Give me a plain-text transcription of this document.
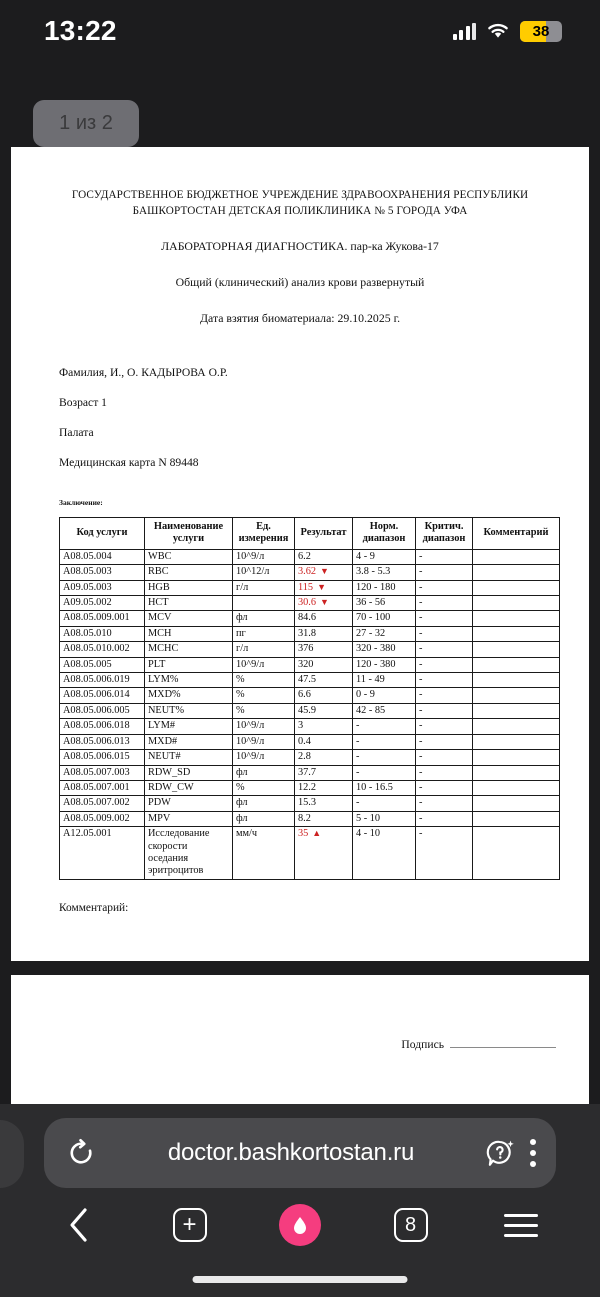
13:22	38
1 из 2
ГОСУДАРСТВЕННОЕ БЮДЖЕТНОЕ УЧРЕЖДЕНИЕ ЗДРАВООХРАНЕНИЯ РЕСПУБЛИКИ
БАШКОРТОСТАН ДЕТСКАЯ ПОЛИКЛИНИКА № 5 ГОРОДА УФА
ЛАБОРАТОРНАЯ ДИАГНОСТИКА. пар-ка Жукова-17
Общий (клинический) анализ крови развернутый
Дата взятия биоматериала: 29.10.2025 г.
Фамилия, И., О. КАДЫРОВА О.Р.
Возраст 1
Палата
Медицинская карта N 89448
Заключение:
Код услуги	Наименование услуги	Ед. измерения	Результат	Норм. диапазон	Критич. диапазон	Комментарий
A08.05.004	WBC	10^9/л	6.2	4 - 9	-	
A08.05.003	RBC	10^12/л	3.62 ▼	3.8 - 5.3	-	
A09.05.003	HGB	г/л	115 ▼	120 - 180	-	
A09.05.002	HCT		30.6 ▼	36 - 56	-	
A08.05.009.001	MCV	фл	84.6	70 - 100	-	
A08.05.010	MCH	пг	31.8	27 - 32	-	
A08.05.010.002	MCHC	г/л	376	320 - 380	-	
A08.05.005	PLT	10^9/л	320	120 - 380	-	
A08.05.006.019	LYM%	%	47.5	11 - 49	-	
A08.05.006.014	MXD%	%	6.6	0 - 9	-	
A08.05.006.005	NEUT%	%	45.9	42 - 85	-	
A08.05.006.018	LYM#	10^9/л	3	-	-	
A08.05.006.013	MXD#	10^9/л	0.4	-	-	
A08.05.006.015	NEUT#	10^9/л	2.8	-	-	
A08.05.007.003	RDW_SD	фл	37.7	-	-	
A08.05.007.001	RDW_CW	%	12.2	10 - 16.5	-	
A08.05.007.002	PDW	фл	15.3	-	-	
A08.05.009.002	MPV	фл	8.2	5 - 10	-	
A12.05.001	Исследование скорости оседания эритроцитов	мм/ч	35 ▲	4 - 10	-	
Комментарий:
Подпись
doctor.bashkortostan.ru
+	8
